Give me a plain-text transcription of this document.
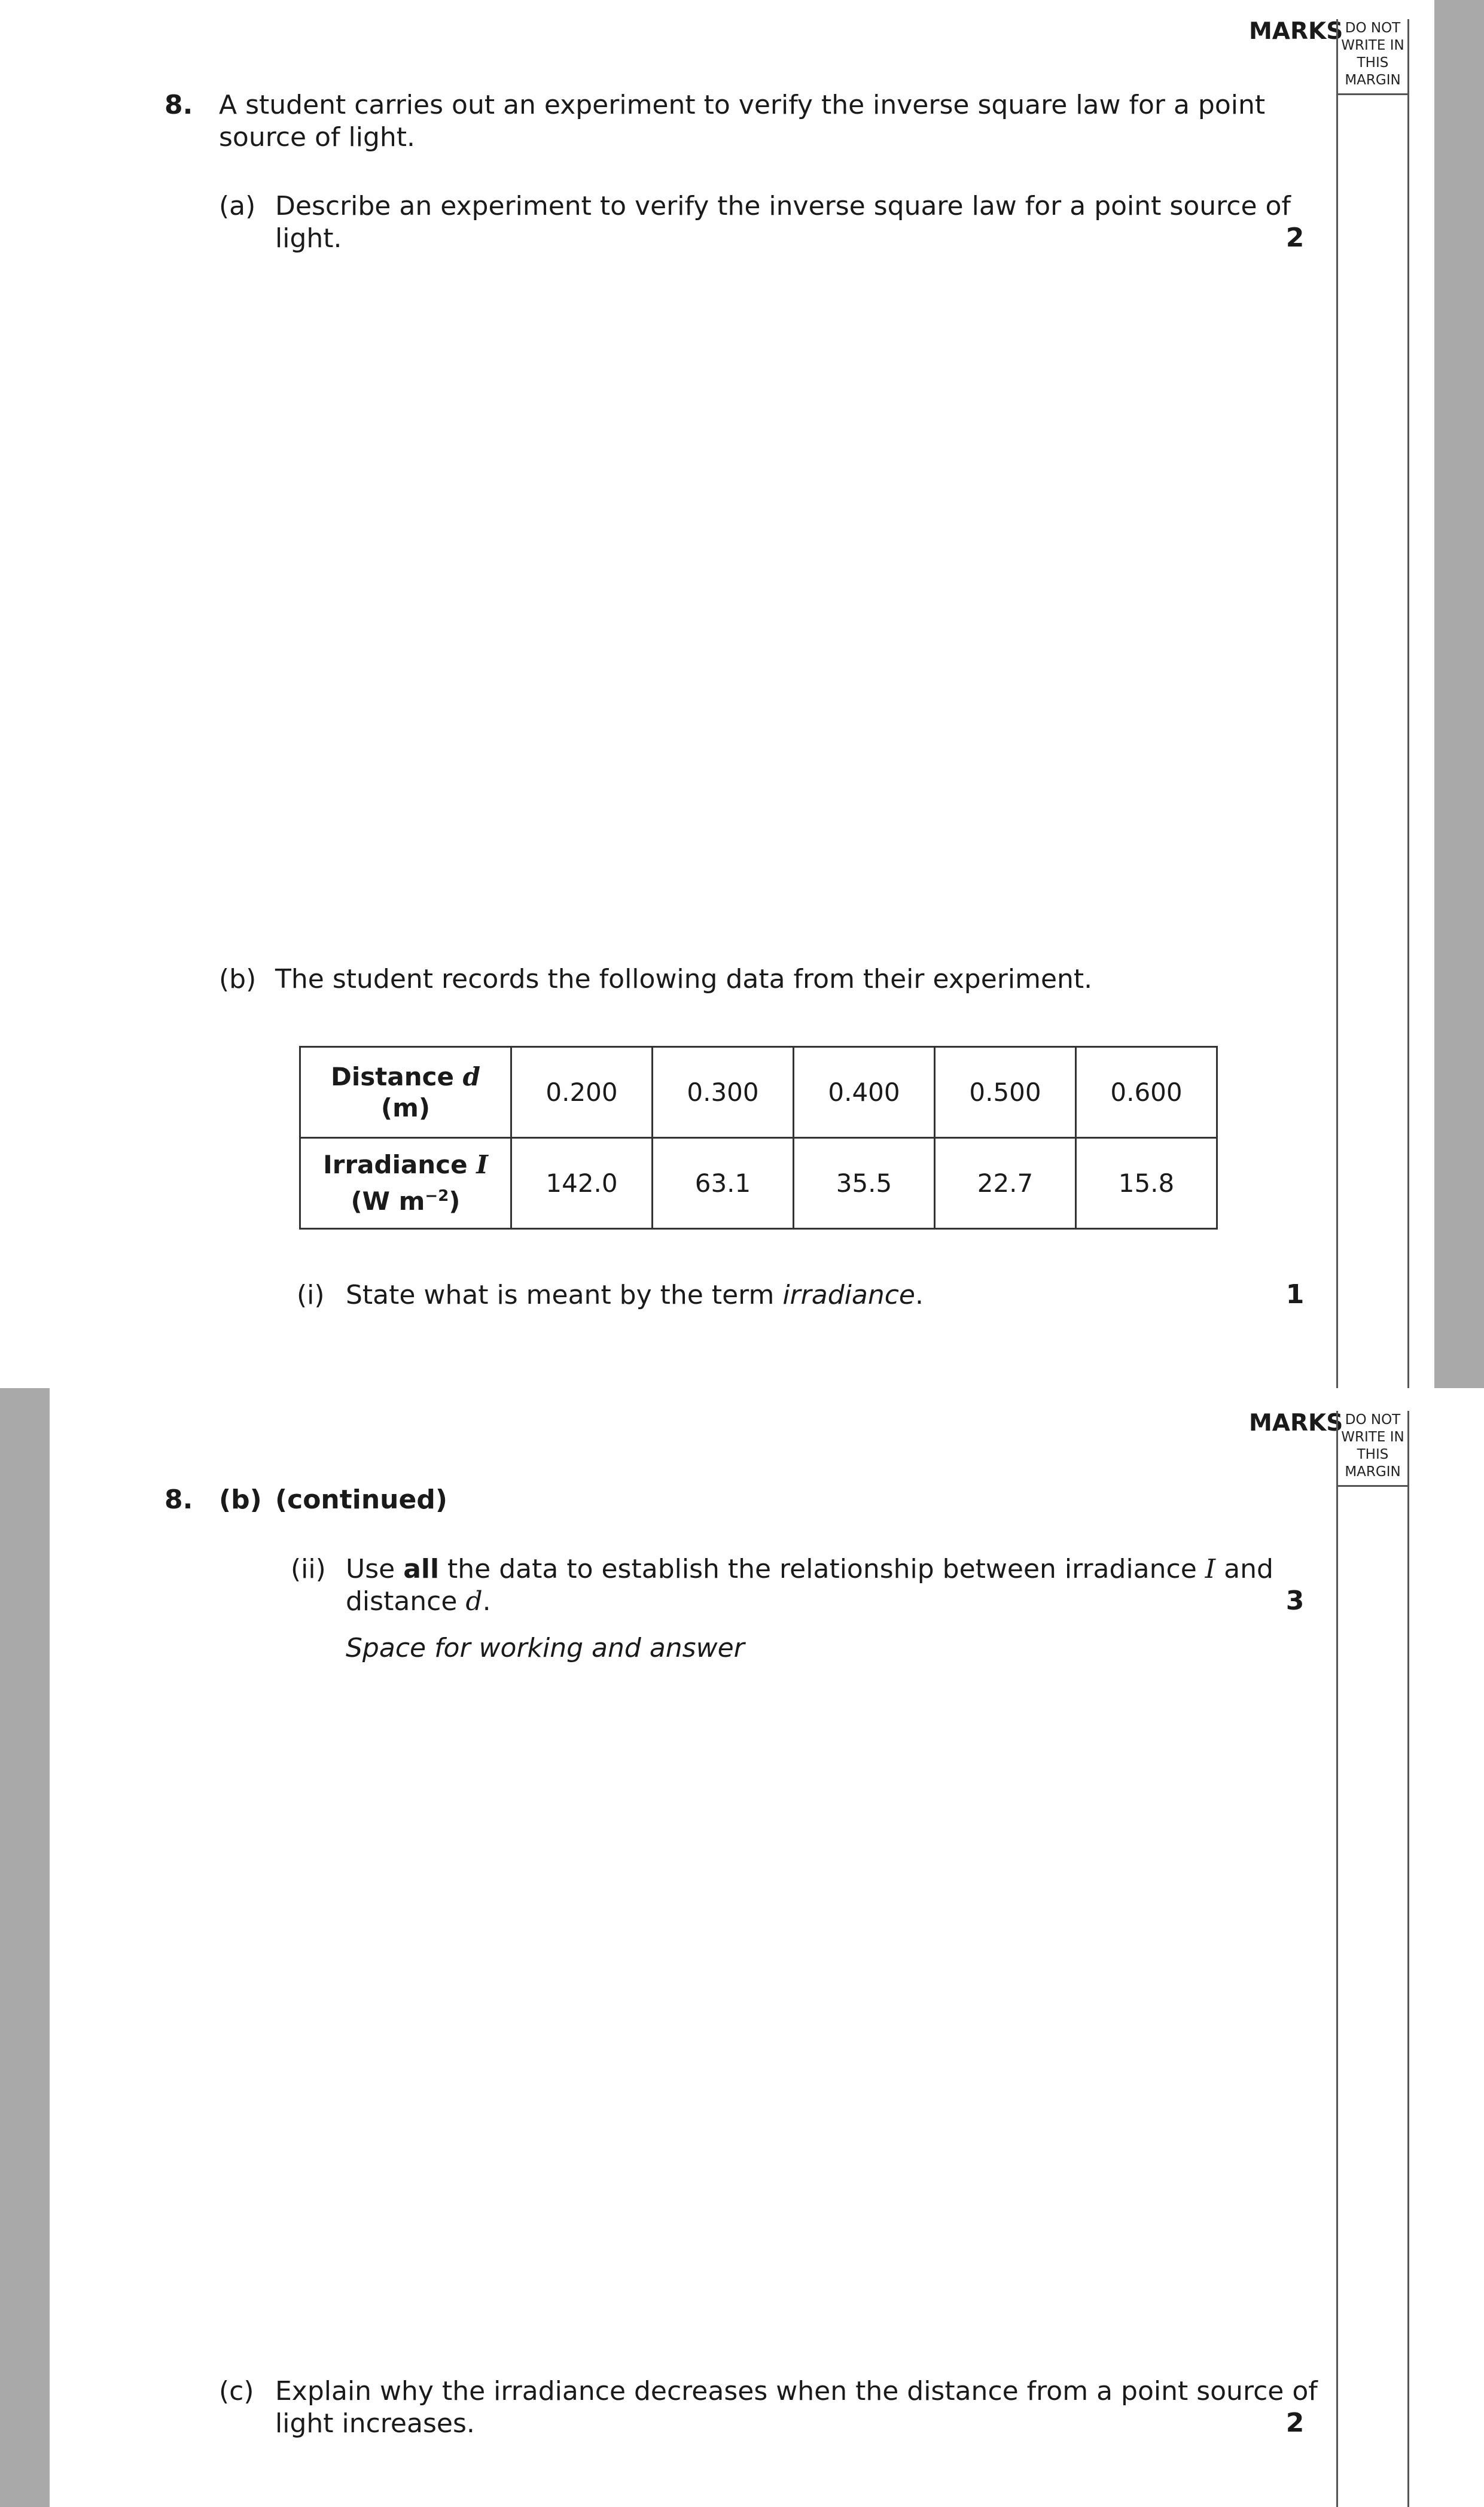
MARKS DO NOT
WRITE IN
THIS
MARGIN
8. A student carries out an experiment to verify the inverse square law for a point
source of light.
(a) Describe an experiment to verify the inverse square law for a point source of
light.	2
(b) The student records the following data from their experiment.
Distance d
(m)	0.200	0.300	0.400	0.500	0.600
Irradiance I
(W $m^{-2}$)	142.0	63.1	35.5	22.7	15.8
(i) State what is meant by the term irradiance.	1
MARKS DO NOT
WRITE IN
THIS
MARGIN
8. (b) (continued)
(ii) Use all the data to establish the relationship between irradiance I and
distance d.	3
Space for working and answer
(c) Explain why the irradiance decreases when the distance from a point source of
light increases.	2
